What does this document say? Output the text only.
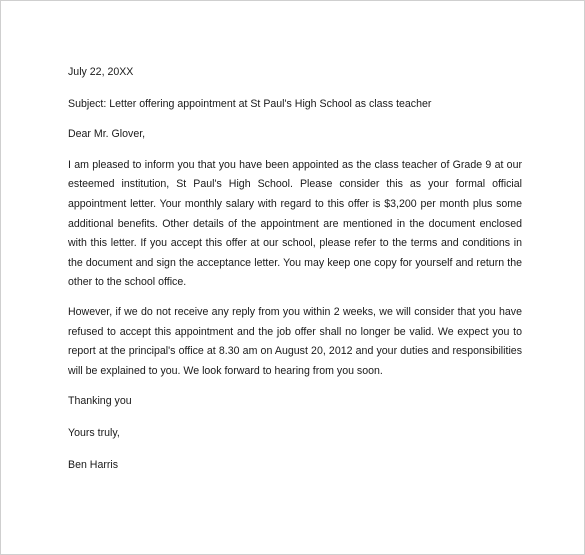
July 22, 20XX

Subject: Letter offering appointment at St Paul's High School as class teacher

Dear Mr. Glover,

I am pleased to inform you that you have been appointed as the class teacher of Grade 9 at our esteemed institution, St Paul's High School. Please consider this as your formal official appointment letter. Your monthly salary with regard to this offer is $3,200 per month plus some additional benefits. Other details of the appointment are mentioned in the document enclosed with this letter. If you accept this offer at our school, please refer to the terms and conditions in the document and sign the acceptance letter. You may keep one copy for yourself and return the other to the school office.

However, if we do not receive any reply from you within 2 weeks, we will consider that you have refused to accept this appointment and the job offer shall no longer be valid. We expect you to report at the principal's office at 8.30 am on August 20, 2012 and your duties and responsibilities will be explained to you. We look forward to hearing from you soon.

Thanking you

Yours truly,

Ben Harris
